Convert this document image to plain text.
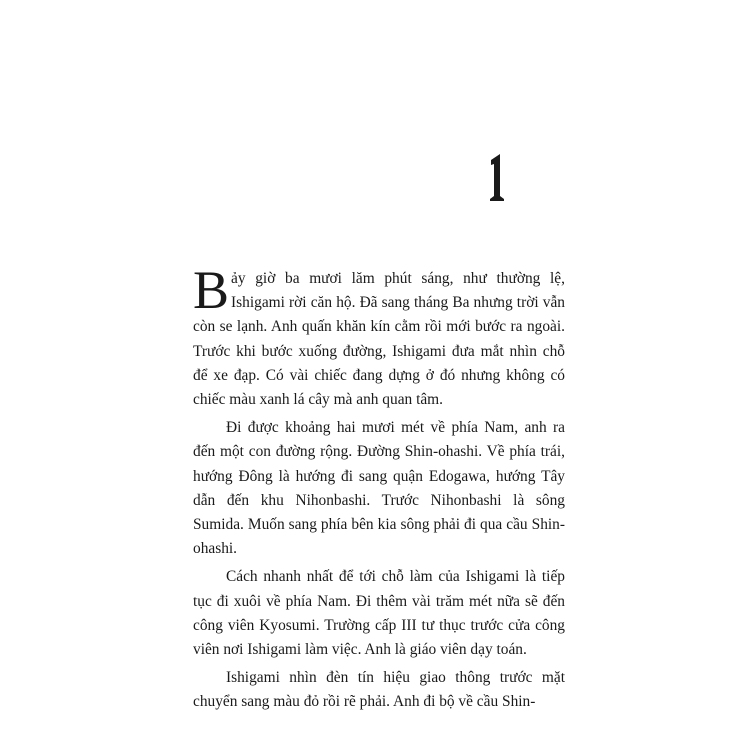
Bảy giờ ba mươi lăm phút sáng, như thường lệ, Ishigami rời căn hộ. Đã sang tháng Ba nhưng trời vẫn còn se lạnh. Anh quấn khăn kín cằm rồi mới bước ra ngoài. Trước khi bước xuống đường, Ishigami đưa mắt nhìn chỗ để xe đạp. Có vài chiếc đang dựng ở đó nhưng không có chiếc màu xanh lá cây mà anh quan tâm.

Đi được khoảng hai mươi mét về phía Nam, anh ra đến một con đường rộng. Đường Shin-ohashi. Về phía trái, hướng Đông là hướng đi sang quận Edogawa, hướng Tây dẫn đến khu Nihonbashi. Trước Nihonbashi là sông Sumida. Muốn sang phía bên kia sông phải đi qua cầu Shin-ohashi.

Cách nhanh nhất để tới chỗ làm của Ishigami là tiếp tục đi xuôi về phía Nam. Đi thêm vài trăm mét nữa sẽ đến công viên Kyosumi. Trường cấp III tư thục trước cửa công viên nơi Ishigami làm việc. Anh là giáo viên dạy toán.

Ishigami nhìn đèn tín hiệu giao thông trước mặt chuyển sang màu đỏ rồi rẽ phải. Anh đi bộ về cầu Shin-
